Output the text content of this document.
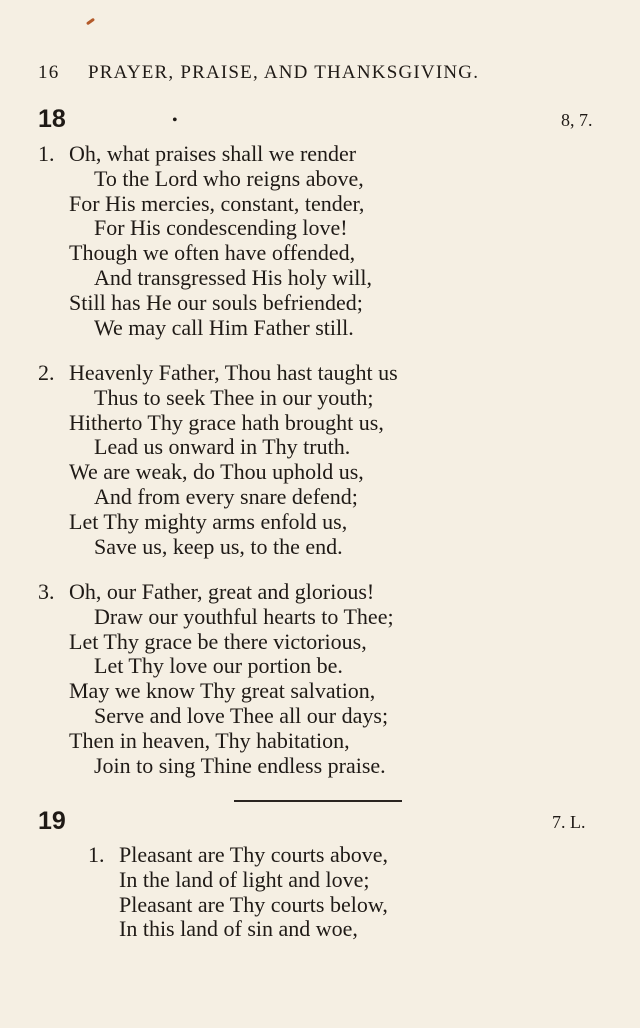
16 PRAYER, PRAISE, AND THANKSGIVING.
18	•	8, 7.
1. Oh, what praises shall we render
To the Lord who reigns above,
For His mercies, constant, tender,
For His condescending love!
Though we often have offended,
And transgressed His holy will,
Still has He our souls befriended;
We may call Him Father still.
2. Heavenly Father, Thou hast taught us
Thus to seek Thee in our youth;
Hitherto Thy grace hath brought us,
Lead us onward in Thy truth.
We are weak, do Thou uphold us,
And from every snare defend;
Let Thy mighty arms enfold us,
Save us, keep us, to the end.
3. Oh, our Father, great and glorious!
Draw our youthful hearts to Thee;
Let Thy grace be there victorious,
Let Thy love our portion be.
May we know Thy great salvation,
Serve and love Thee all our days;
Then in heaven, Thy habitation,
Join to sing Thine endless praise.
19	7. L.
1. Pleasant are Thy courts above,
In the land of light and love;
Pleasant are Thy courts below,
In this land of sin and woe,
